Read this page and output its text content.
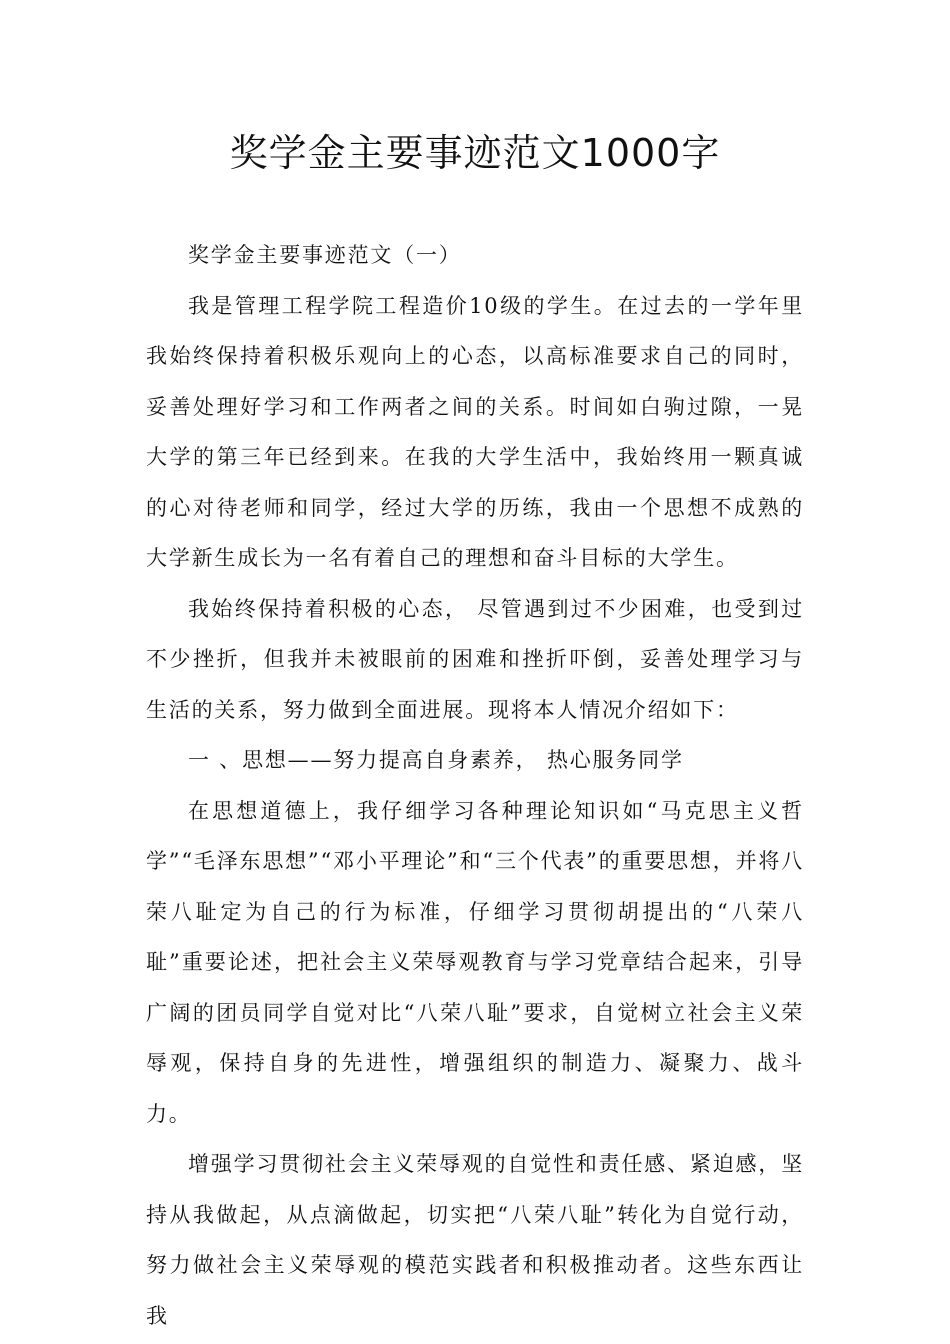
奖学金主要事迹范文1000字

奖学金主要事迹范文（一）

我是管理工程学院工程造价10级的学生。在过去的一学年里我始终保持着积极乐观向上的心态，以高标准要求自己的同时，妥善处理好学习和工作两者之间的关系。时间如白驹过隙，一晃大学的第三年已经到来。在我的大学生活中，我始终用一颗真诚的心对待老师和同学，经过大学的历练，我由一个思想不成熟的大学新生成长为一名有着自己的理想和奋斗目标的大学生。

我始终保持着积极的心态， 尽管遇到过不少困难，也受到过不少挫折，但我并未被眼前的困难和挫折吓倒，妥善处理学习与生活的关系，努力做到全面进展。现将本人情况介绍如下：

一 、思想——努力提高自身素养， 热心服务同学

在思想道德上，我仔细学习各种理论知识如“马克思主义哲学”“毛泽东思想”“邓小平理论”和“三个代表”的重要思想，并将八荣八耻定为自己的行为标准，仔细学习贯彻胡提出的“八荣八耻”重要论述，把社会主义荣辱观教育与学习党章结合起来，引导广阔的团员同学自觉对比“八荣八耻”要求，自觉树立社会主义荣辱观，保持自身的先进性，增强组织的制造力、凝聚力、战斗力。

增强学习贯彻社会主义荣辱观的自觉性和责任感、紧迫感，坚持从我做起，从点滴做起，切实把“八荣八耻”转化为自觉行动，努力做社会主义荣辱观的模范实践者和积极推动者。这些东西让我
